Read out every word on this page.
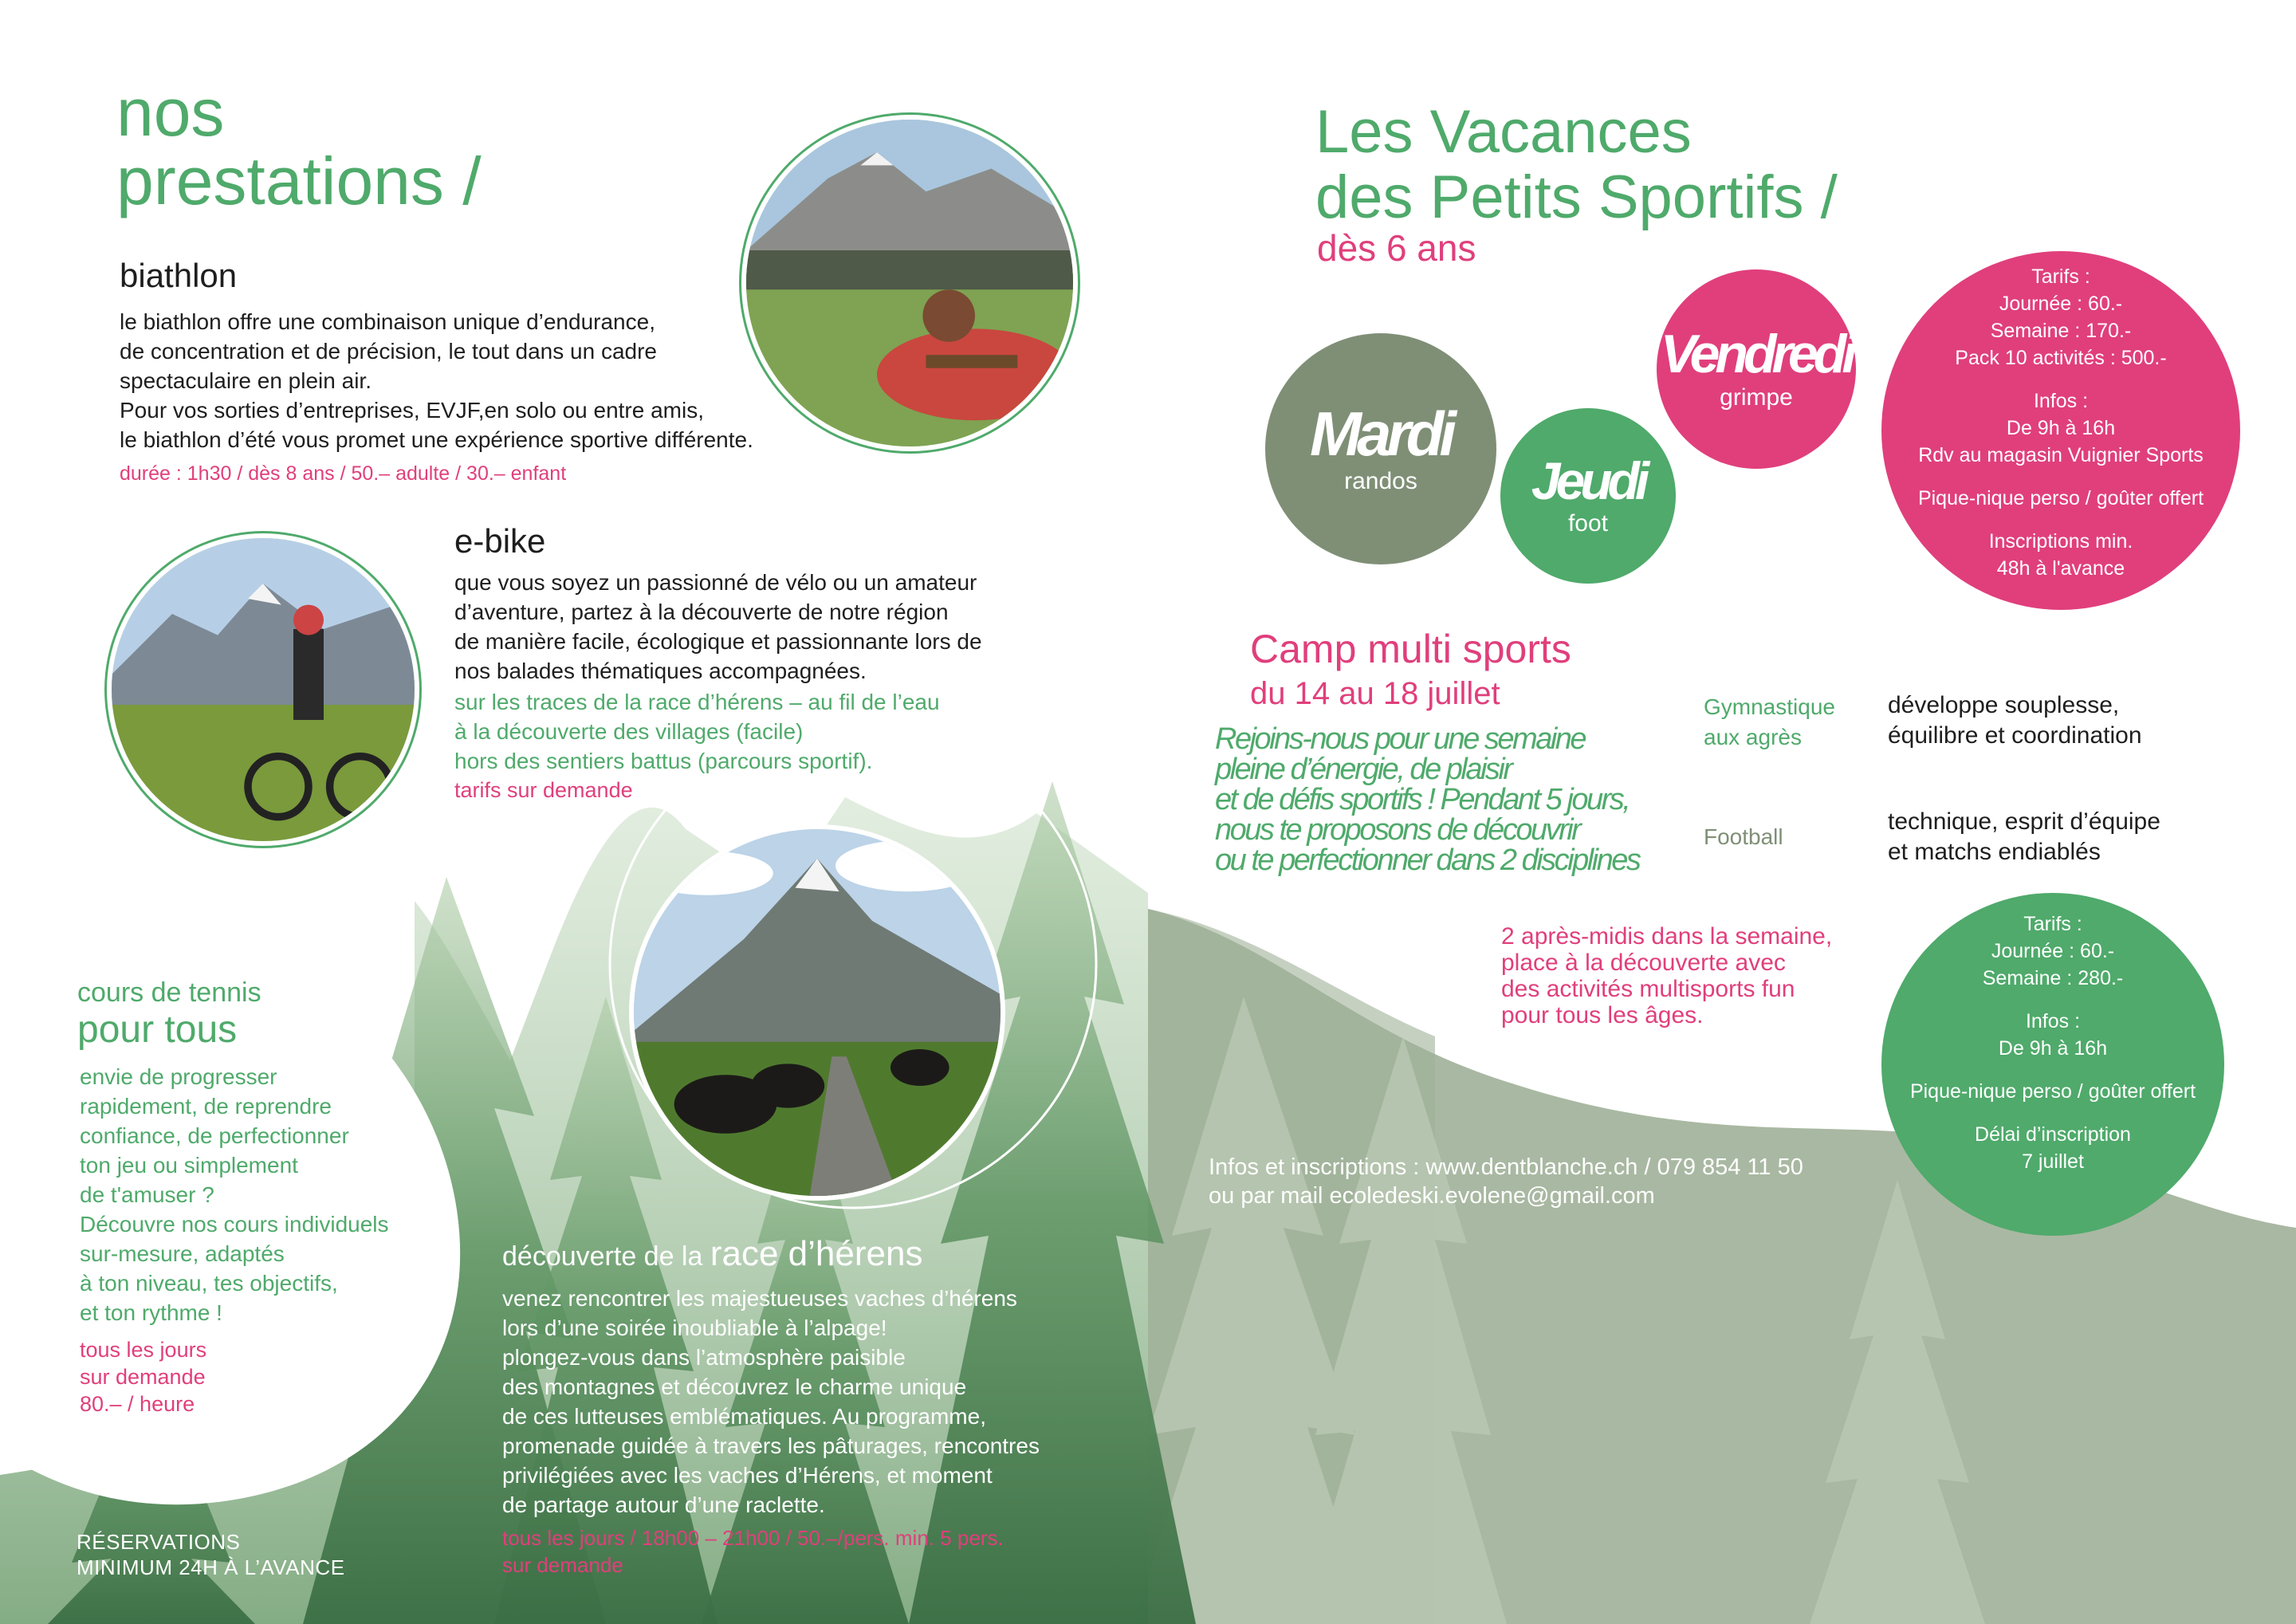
nos
prestations /
biathlon
le biathlon offre une combinaison unique d’endurance,
de concentration et de précision, le tout dans un cadre
spectaculaire en plein air.
Pour vos sorties d’entreprises, EVJF,en solo ou entre amis,
le biathlon d’été vous promet une expérience sportive différente.
durée : 1h30 / dès 8 ans / 50.– adulte / 30.– enfant
e-bike
que vous soyez un passionné de vélo ou un amateur
d’aventure, partez à la découverte de notre région
de manière facile, écologique et passionnante lors de
nos balades thématiques accompagnées.
sur les traces de la race d’hérens – au fil de l’eau
à la découverte des villages (facile)
hors des sentiers battus (parcours sportif).
tarifs sur demande
cours de tennis
pour tous
envie de progresser
rapidement, de reprendre
confiance, de perfectionner
ton jeu ou simplement
de t'amuser ?
Découvre nos cours individuels
sur-mesure, adaptés
à ton niveau, tes objectifs,
et ton rythme !
tous les jours
sur demande
80.– / heure
RÉSERVATIONS
MINIMUM 24H À L’AVANCE
découverte de la race d’hérens
venez rencontrer les majestueuses vaches d’hérens
lors d’une soirée inoubliable à l’alpage!
plongez-vous dans l’atmosphère paisible
des montagnes et découvrez le charme unique
de ces lutteuses emblématiques. Au programme,
promenade guidée à travers les pâturages, rencontres
privilégiées avec les vaches d’Hérens, et moment
de partage autour d’une raclette.
tous les jours / 18h00 – 21h00 / 50.–/pers. min. 5 pers.
sur demande
Les Vacances
des Petits Sportifs /
dès 6 ans
Mardi
randos Jeudi
foot
Vendredi
grimpe
Tarifs :
Journée : 60.-
Semaine : 170.-
Pack 10 activités : 500.-
Infos :
De 9h à 16h
Rdv au magasin Vuignier Sports
Pique-nique perso / goûter offert
Inscriptions min.
48h à l'avance
Camp multi sports
du 14 au 18 juillet
Rejoins-nous pour une semaine
pleine d’énergie, de plaisir
et de défis sportifs ! Pendant 5 jours,
nous te proposons de découvrir
ou te perfectionner dans 2 disciplines
Gymnastique
aux agrès
développe souplesse,
équilibre et coordination
Football
technique, esprit d’équipe
et matchs endiablés
2 après-midis dans la semaine,
place à la découverte avec
des activités multisports fun
pour tous les âges.
Tarifs :
Journée : 60.-
Semaine : 280.-
Infos :
De 9h à 16h
Pique-nique perso / goûter offert
Délai d’inscription
7 juillet
Infos et inscriptions : www.dentblanche.ch / 079 854 11 50
ou par mail ecoledeski.evolene@gmail.com
